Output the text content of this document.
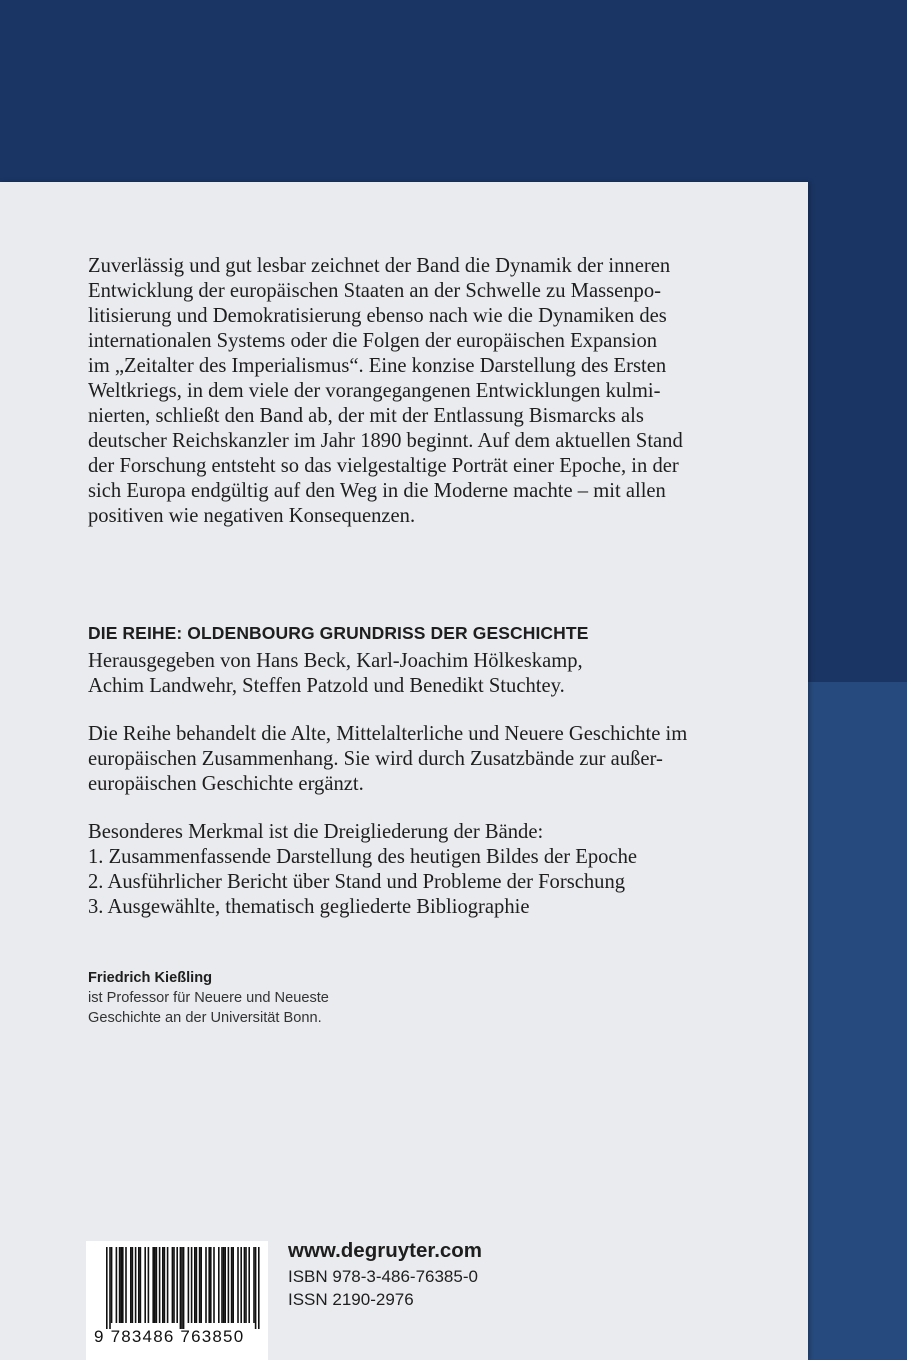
Zuverlässig und gut lesbar zeichnet der Band die Dynamik der inneren
Entwicklung der europäischen Staaten an der Schwelle zu Massenpo-
litisierung und Demokratisierung ebenso nach wie die Dynamiken des
internationalen Systems oder die Folgen der europäischen Expansion
im „Zeitalter des Imperialismus“. Eine konzise Darstellung des Ersten
Weltkriegs, in dem viele der vorangegangenen Entwicklungen kulmi-
nierten, schließt den Band ab, der mit der Entlassung Bismarcks als
deutscher Reichskanzler im Jahr 1890 beginnt. Auf dem aktuellen Stand
der Forschung entsteht so das vielgestaltige Porträt einer Epoche, in der
sich Europa endgültig auf den Weg in die Moderne machte – mit allen
positiven wie negativen Konsequenzen.
DIE REIHE: OLDENBOURG GRUNDRISS DER GESCHICHTE
Herausgegeben von Hans Beck, Karl-Joachim Hölkeskamp,
Achim Landwehr, Steffen Patzold und Benedikt Stuchtey.
Die Reihe behandelt die Alte, Mittelalterliche und Neuere Geschichte im
europäischen Zusammenhang. Sie wird durch Zusatzbände zur außer-
europäischen Geschichte ergänzt.
Besonderes Merkmal ist die Dreigliederung der Bände:
1. Zusammenfassende Darstellung des heutigen Bildes der Epoche
2. Ausführlicher Bericht über Stand und Probleme der Forschung
3. Ausgewählte, thematisch gegliederte Bibliographie
Friedrich Kießling
ist Professor für Neuere und Neueste
Geschichte an der Universität Bonn.
9 783486 763850
www.degruyter.com
ISBN 978-3-486-76385-0
ISSN 2190-2976
